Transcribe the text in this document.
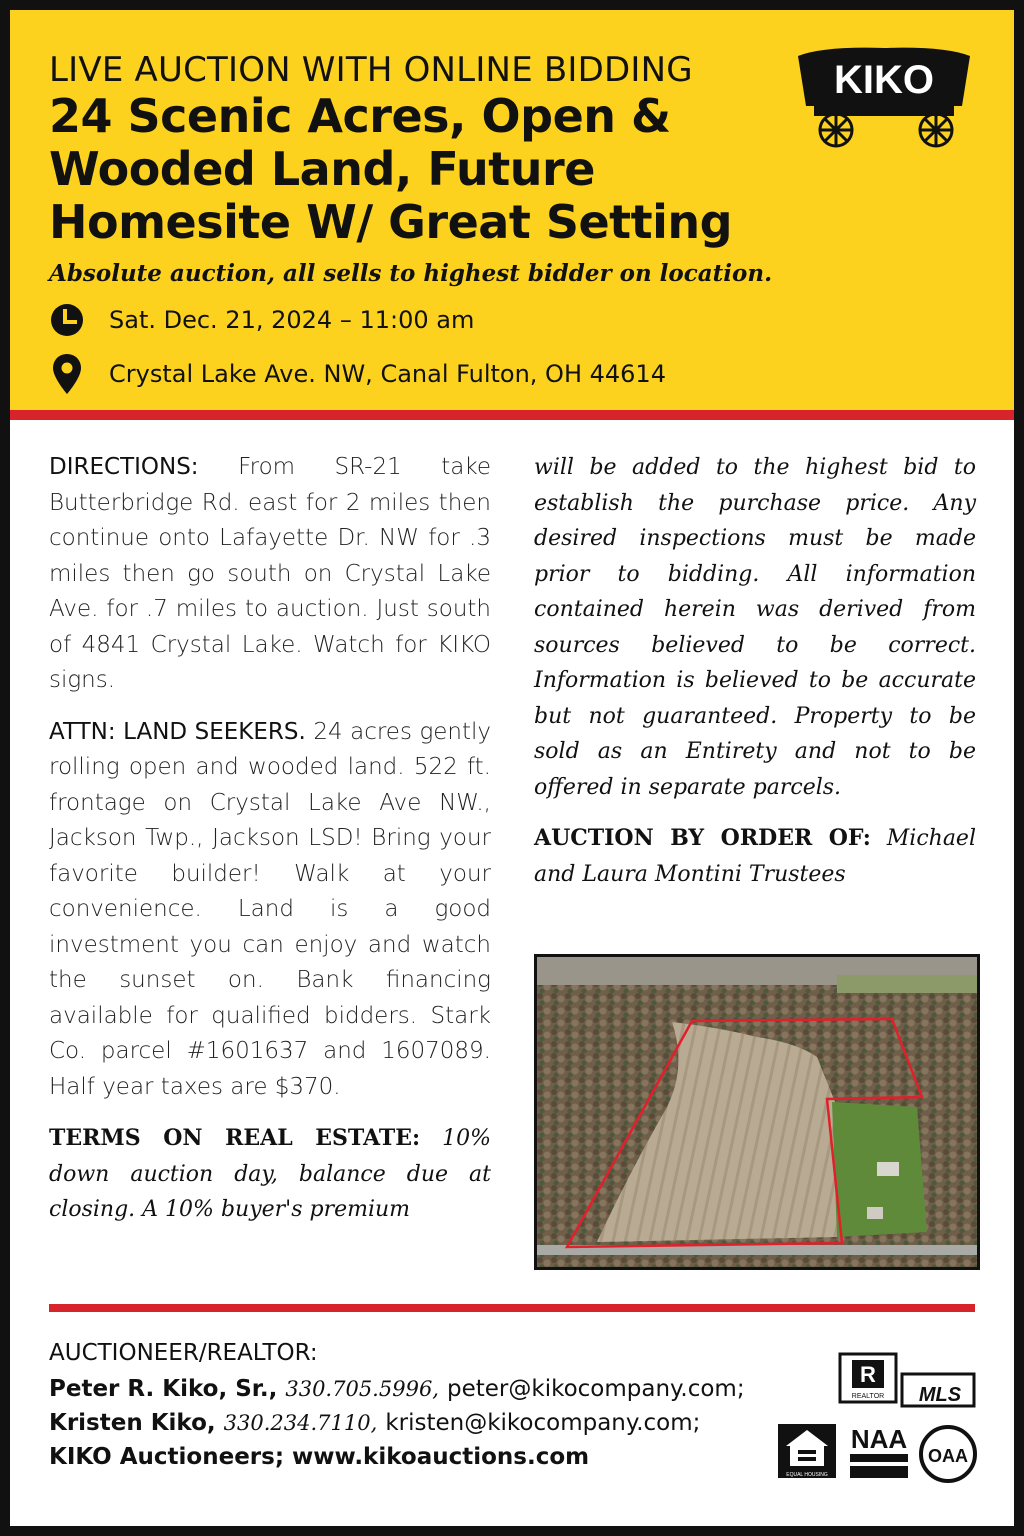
LIVE AUCTION WITH ONLINE BIDDING
24 Scenic Acres, Open & Wooded Land, Future Homesite W/ Great Setting
Absolute auction, all sells to highest bidder on location.
Sat. Dec. 21, 2024 – 11:00 am
Crystal Lake Ave. NW, Canal Fulton, OH 44614
KIKO

DIRECTIONS: From SR-21 take Butterbridge Rd. east for 2 miles then continue onto Lafayette Dr. NW for .3 miles then go south on Crystal Lake Ave. for .7 miles to auction. Just south of 4841 Crystal Lake. Watch for KIKO signs.

ATTN: LAND SEEKERS. 24 acres gently rolling open and wooded land. 522 ft. frontage on Crystal Lake Ave NW., Jackson Twp., Jackson LSD! Bring your favorite builder! Walk at your convenience. Land is a good investment you can enjoy and watch the sunset on. Bank financing available for qualified bidders. Stark Co. parcel #1601637 and 1607089. Half year taxes are $370.

TERMS ON REAL ESTATE: 10% down auction day, balance due at closing. A 10% buyer's premium

will be added to the highest bid to establish the purchase price. Any desired inspections must be made prior to bidding. All information contained herein was derived from sources believed to be correct. Information is believed to be accurate but not guaranteed. Property to be sold as an Entirety and not to be offered in separate parcels.

AUCTION BY ORDER OF: Michael and Laura Montini Trustees

AUCTIONEER/REALTOR:
Peter R. Kiko, Sr., 330.705.5996, peter@kikocompany.com;
Kristen Kiko, 330.234.7110, kristen@kikocompany.com;
KIKO Auctioneers; www.kikoauctions.com
R
REALTOR MLS
EQUAL HOUSING
NAA
OAA
